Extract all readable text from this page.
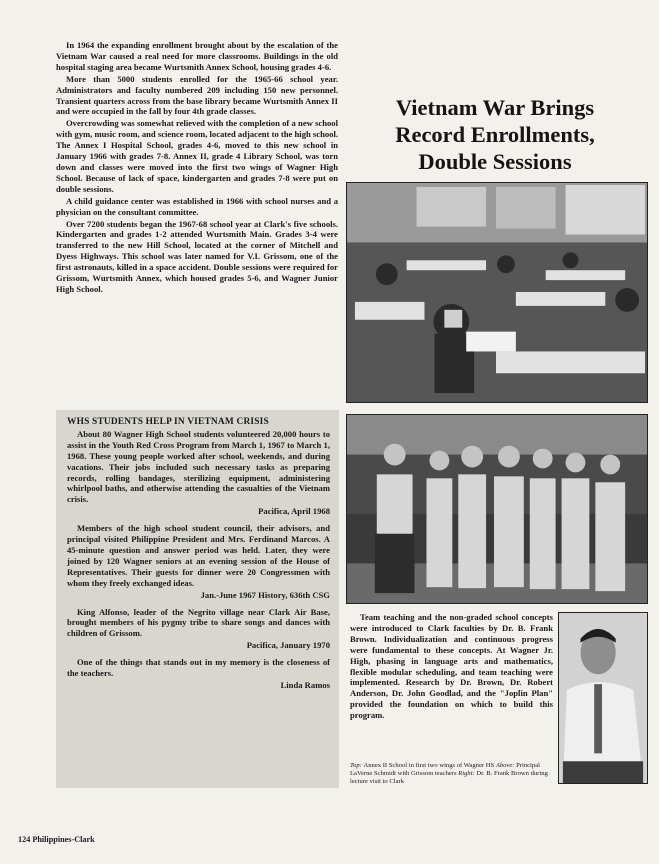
In 1964 the expanding enrollment brought about by the escalation of the Vietnam War caused a real need for more classrooms. Buildings in the old hospital staging area became Wurtsmith Annex School, housing grades 4-6.

More than 5000 students enrolled for the 1965-66 school year. Administrators and faculty numbered 209 including 150 new personnel. Transient quarters across from the base library became Wurtsmith Annex II and were occupied in the fall by four 4th grade classes.

Overcrowding was somewhat relieved with the completion of a new school with gym, music room, and science room, located adjacent to the high school. The Annex I Hospital School, grades 4-6, moved to this new school in January 1966 with grades 7-8. Annex II, grade 4 Library School, was torn down and classes were moved into the first two wings of Wagner High School. Because of lack of space, kindergarten and grades 7-8 were put on double sessions.

A child guidance center was established in 1966 with school nurses and a physician on the consultant committee.

Over 7200 students began the 1967-68 school year at Clark's five schools. Kindergarten and grades 1-2 attended Wurtsmith Main. Grades 3-4 were transferred to the new Hill School, located at the corner of Mitchell and Dyess Highways. This school was later named for V.I. Grissom, one of the first astronauts, killed in a space accident. Double sessions were required for Grissom, Wurtsmith Annex, which housed grades 5-6, and Wagner Junior High School.

Vietnam War Brings
Record Enrollments,
Double Sessions
WHS STUDENTS HELP IN VIETNAM CRISIS

About 80 Wagner High School students volunteered 20,000 hours to assist in the Youth Red Cross Program from March 1, 1967 to March 1, 1968. These young people worked after school, weekends, and during vacations. Their jobs included such necessary tasks as preparing records, rolling bandages, sterilizing equipment, administering whirlpool baths, and otherwise attending the casualties of the Vietnam crisis.

Pacifica, April 1968

Members of the high school student council, their advisors, and principal visited Philippine President and Mrs. Ferdinand Marcos. A 45-minute question and answer period was held. Later, they were joined by 120 Wagner seniors at an evening session of the House of Representatives. Their guests for dinner were 20 Congressmen with whom they freely exchanged ideas.

Jan.-June 1967 History, 636th CSG

King Alfonso, leader of the Negrito village near Clark Air Base, brought members of his pygmy tribe to share songs and dances with children of Grissom.

Pacifica, January 1970

One of the things that stands out in my memory is the closeness of the teachers.

Linda Ramos

Team teaching and the non-graded school concepts were introduced to Clark faculties by Dr. B. Frank Brown. Individualization and continuous progress were fundamental to these concepts. At Wagner Jr. High, phasing in language arts and mathematics, flexible modular scheduling, and team teaching were implemented. Research by Dr. Brown, Dr. Robert Anderson, Dr. John Goodlad, and the "Joplin Plan" provided the foundation on which to build this program.

Top: Annex II School in first two wings of Wagner HS Above: Principal LaVerne Schmidt with Grissom teachers Right: Dr. B. Frank Brown during lecture visit to Clark
124 Philippines-Clark
